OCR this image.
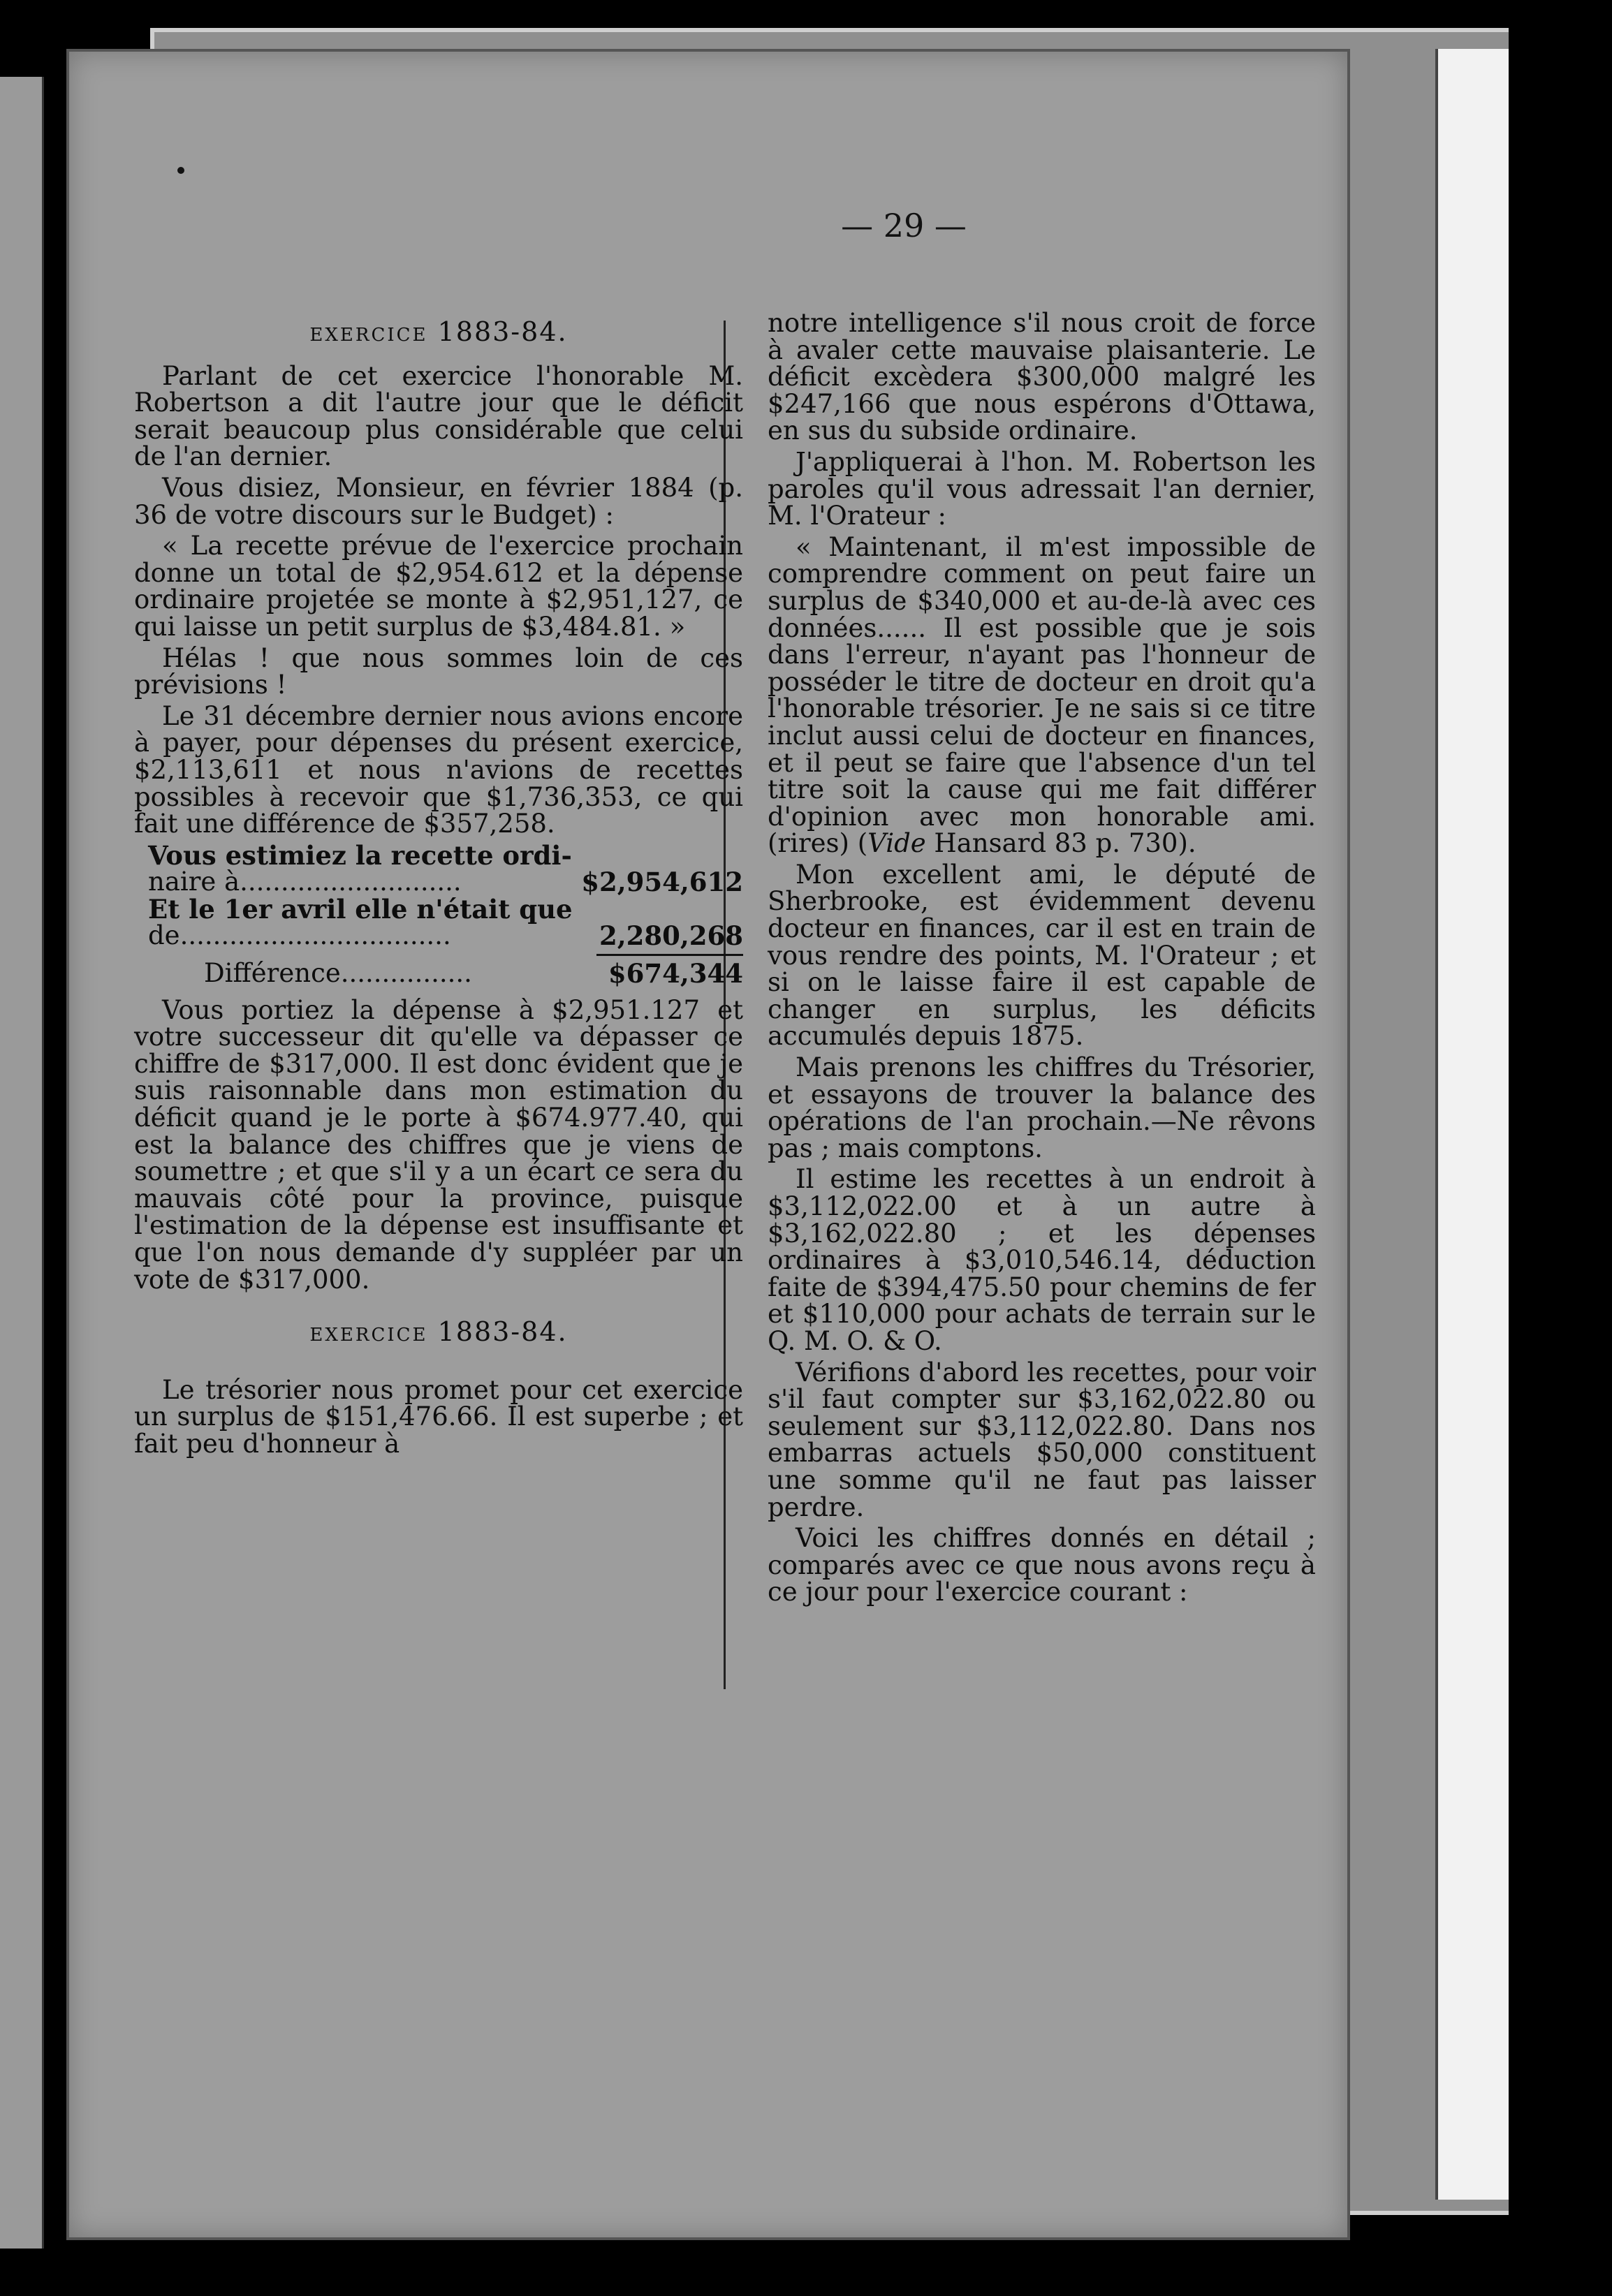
— 29 —
EXERCICE 1883-84.

Parlant de cet exercice l'honorable M. Robertson a dit l'autre jour que le déficit serait beaucoup plus considérable que celui de l'an dernier.

Vous disiez, Monsieur, en février 1884 (p. 36 de votre discours sur le Budget) :

« La recette prévue de l'exercice prochain donne un total de $2,954.612 et la dépense ordinaire projetée se monte à $2,951,127, ce qui laisse un petit surplus de $3,484.81. »

Hélas ! que nous sommes loin de ces prévisions !

Le 31 décembre dernier nous avions encore à payer, pour dépenses du présent exercice, $2,113,611 et nous n'avions de recettes possibles à recevoir que $1,736,353, ce qui fait une différence de $357,258.

Vous estimiez la recette ordi-
naire à...........................	$2,954,612
Et le 1er avril elle n'était que
de.................................	2,280,268
Différence................	$674,344

Vous portiez la dépense à $2,951.127 et votre successeur dit qu'elle va dépasser ce chiffre de $317,000. Il est donc évident que je suis raisonnable dans mon estimation du déficit quand je le porte à $674.977.40, qui est la balance des chiffres que je viens de soumettre ; et que s'il y a un écart ce sera du mauvais côté pour la province, puisque l'estimation de la dépense est insuffisante et que l'on nous demande d'y suppléer par un vote de $317,000.

EXERCICE 1883-84.

Le trésorier nous promet pour cet exercice un surplus de $151,476.66. Il est superbe ; et fait peu d'honneur à

notre intelligence s'il nous croit de force à avaler cette mauvaise plaisanterie. Le déficit excèdera $300,000 malgré les $247,166 que nous espérons d'Ottawa, en sus du subside ordinaire.

J'appliquerai à l'hon. M. Robertson les paroles qu'il vous adressait l'an dernier, M. l'Orateur :

« Maintenant, il m'est impossible de comprendre comment on peut faire un surplus de $340,000 et au-de-là avec ces données...... Il est possible que je sois dans l'erreur, n'ayant pas l'honneur de posséder le titre de docteur en droit qu'a l'honorable trésorier. Je ne sais si ce titre inclut aussi celui de docteur en finances, et il peut se faire que l'absence d'un tel titre soit la cause qui me fait différer d'opinion avec mon honorable ami. (rires) (Vide Hansard 83 p. 730).

Mon excellent ami, le député de Sherbrooke, est évidemment devenu docteur en finances, car il est en train de vous rendre des points, M. l'Orateur ; et si on le laisse faire il est capable de changer en surplus, les déficits accumulés depuis 1875.

Mais prenons les chiffres du Trésorier, et essayons de trouver la balance des opérations de l'an prochain.—Ne rêvons pas ; mais comptons.

Il estime les recettes à un endroit à $3,112,022.00 et à un autre à $3,162,022.80 ; et les dépenses ordinaires à $3,010,546.14, déduction faite de $394,475.50 pour chemins de fer et $110,000 pour achats de terrain sur le Q. M. O. & O.

Vérifions d'abord les recettes, pour voir s'il faut compter sur $3,162,022.80 ou seulement sur $3,112,022.80. Dans nos embarras actuels $50,000 constituent une somme qu'il ne faut pas laisser perdre.

Voici les chiffres donnés en détail ; comparés avec ce que nous avons reçu à ce jour pour l'exercice courant :
